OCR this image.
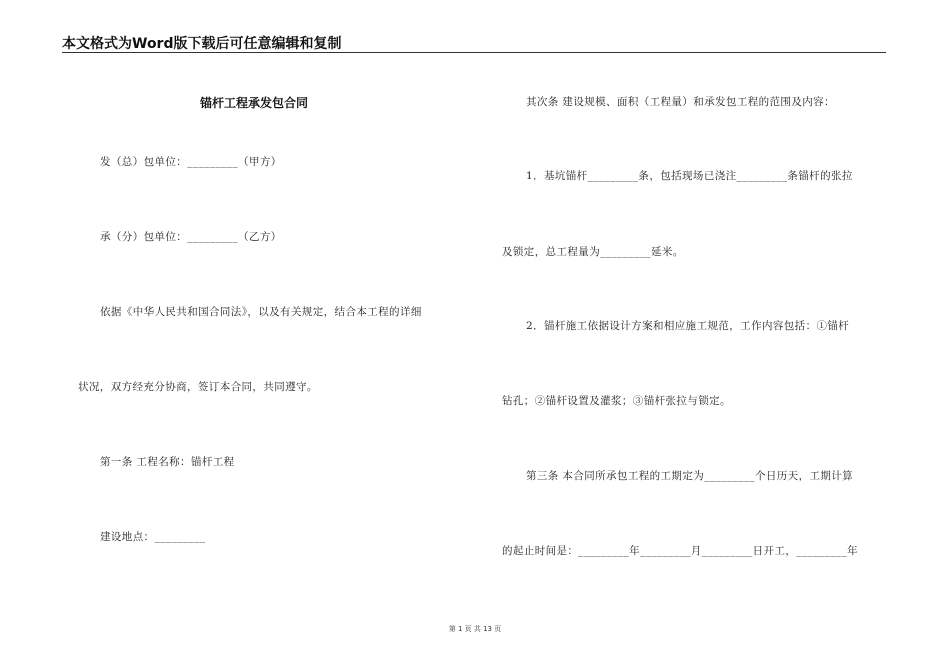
本文格式为Word版下载后可任意编辑和复制
锚杆工程承发包合同
发（总）包单位：_________（甲方）
承（分）包单位：_________（乙方）
依据《中华人民共和国合同法》，以及有关规定，结合本工程的详细
状况，双方经充分协商，签订本合同，共同遵守。
第一条 工程名称：锚杆工程
建设地点：_________
其次条 建设规模、面积（工程量）和承发包工程的范围及内容：
1．基坑锚杆_________条，包括现场已浇注_________条锚杆的张拉
及锁定，总工程量为_________延米。
2．锚杆施工依据设计方案和相应施工规范，工作内容包括：①锚杆
钻孔；②锚杆设置及灌浆；③锚杆张拉与锁定。
第三条 本合同所承包工程的工期定为_________个日历天，工期计算
的起止时间是：_________年_________月_________日开工，_________年
第 1 页 共 13 页
